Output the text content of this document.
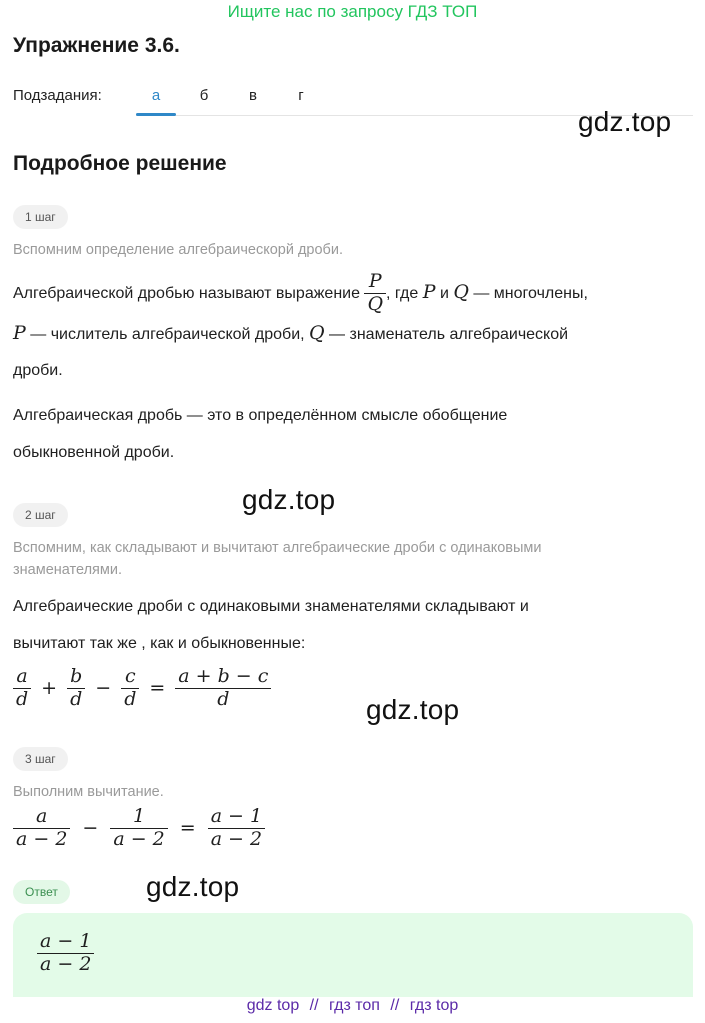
Ищите нас по запросу ГДЗ ТОП
Упражнение 3.6.
Подзадания:	а	б	в	г
gdz.top
Подробное решение
1 шаг
Вспомним определение алгебраическорй дроби.
Алгебраической дробью называют выражение $\frac{P}{Q}$ , где P и Q — многочлены,
P — числитель алгебраической дроби, Q — знаменатель алгебраической
дроби.
Алгебраическая дробь — это в определённом смысле обобщение
обыкновенной дроби.
gdz.top
2 шаг
Вспомним, как складывают и вычитают алгебраические дроби с одинаковыми
знаменателями.
Алгебраические дроби с одинаковыми знаменателями складывают и
вычитают так же , как и обыкновенные:
$\frac{a}{d} + \frac{b}{d} - \frac{c}{d} = \frac{a + b - c}{d}$	gdz.top
3 шаг
Выполним вычитание.
$\frac{a}{a - 2} - \frac{1}{a - 2} = \frac{a - 1}{a - 2}$
Ответ	gdz.top
$\frac{a - 1}{a - 2}$
gdz top // гдз топ // гдз top
